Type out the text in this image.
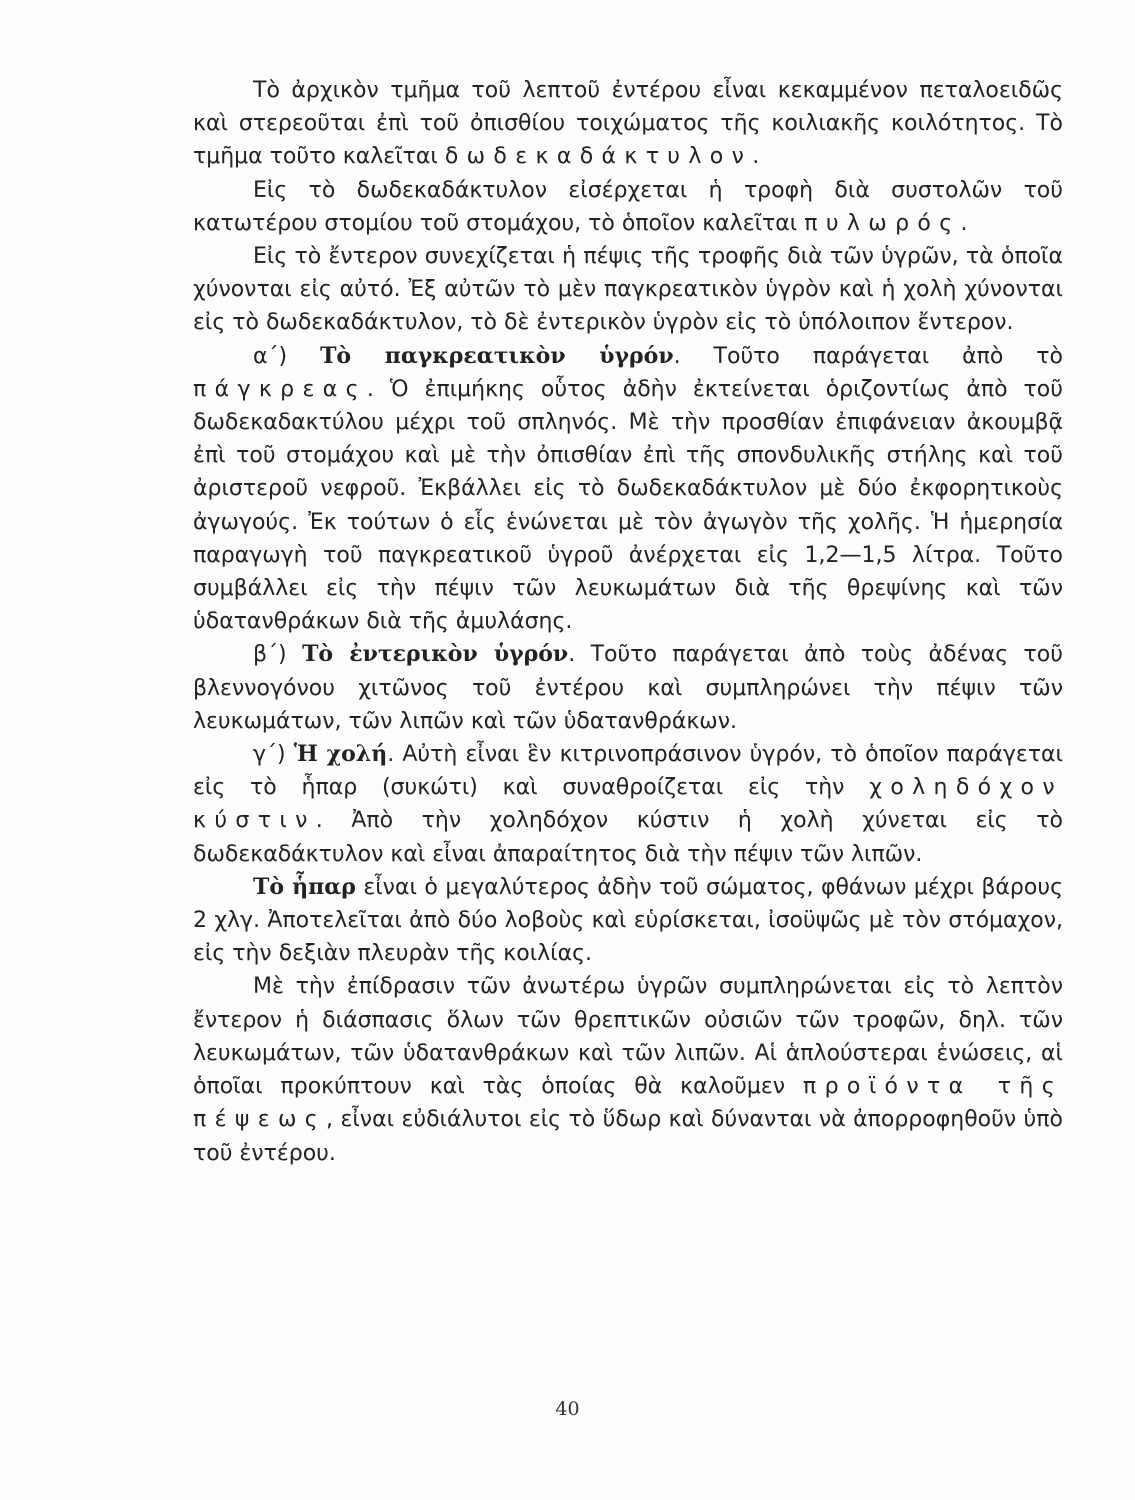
Τὸ ἀρχικὸν τμῆμα τοῦ λεπτοῦ ἐντέρου εἶναι κεκαμμένον πεταλοειδῶς καὶ στερεοῦται ἐπὶ τοῦ ὀπισθίου τοιχώματος τῆς κοιλιακῆς κοιλότητος. Τὸ τμῆμα τοῦτο καλεῖται δωδεκαδάκτυλον.

Εἰς τὸ δωδεκαδάκτυλον εἰσέρχεται ἡ τροφὴ διὰ συστολῶν τοῦ κατωτέρου στομίου τοῦ στομάχου, τὸ ὁποῖον καλεῖται πυλωρός.

Εἰς τὸ ἔντερον συνεχίζεται ἡ πέψις τῆς τροφῆς διὰ τῶν ὑγρῶν, τὰ ὁποῖα χύνονται εἰς αὐτό. Ἐξ αὐτῶν τὸ μὲν παγκρεατικὸν ὑγρὸν καὶ ἡ χολὴ χύνονται εἰς τὸ δωδεκαδάκτυλον, τὸ δὲ ἐντερικὸν ὑγρὸν εἰς τὸ ὑπόλοιπον ἔντερον.

α΄) Τὸ παγκρεατικὸν ὑγρόν. Τοῦτο παράγεται ἀπὸ τὸ πάγκρεας. Ὁ ἐπιμήκης οὗτος ἀδὴν ἐκτείνεται ὁριζοντίως ἀπὸ τοῦ δωδεκαδακτύλου μέχρι τοῦ σπληνός. Μὲ τὴν προσθίαν ἐπιφάνειαν ἀκουμβᾷ ἐπὶ τοῦ στομάχου καὶ μὲ τὴν ὀπισθίαν ἐπὶ τῆς σπονδυλικῆς στήλης καὶ τοῦ ἀριστεροῦ νεφροῦ. Ἐκβάλλει εἰς τὸ δωδεκαδάκτυλον μὲ δύο ἐκφορητικοὺς ἀγωγούς. Ἐκ τούτων ὁ εἷς ἑνώνεται μὲ τὸν ἀγωγὸν τῆς χολῆς. Ἡ ἡμερησία παραγωγὴ τοῦ παγκρεατικοῦ ὑγροῦ ἀνέρχεται εἰς 1,2—1,5 λίτρα. Τοῦτο συμβάλλει εἰς τὴν πέψιν τῶν λευκωμάτων διὰ τῆς θρεψίνης καὶ τῶν ὑδατανθράκων διὰ τῆς ἀμυλάσης.

β΄) Τὸ ἐντερικὸν ὑγρόν. Τοῦτο παράγεται ἀπὸ τοὺς ἀδένας τοῦ βλεννογόνου χιτῶνος τοῦ ἐντέρου καὶ συμπληρώνει τὴν πέψιν τῶν λευκωμάτων, τῶν λιπῶν καὶ τῶν ὑδατανθράκων.

γ΄) Ἡ χολή. Αὐτὴ εἶναι ἓν κιτρινοπράσινον ὑγρόν, τὸ ὁποῖον παράγεται εἰς τὸ ἧπαρ (συκώτι) καὶ συναθροίζεται εἰς τὴν χοληδόχον κύστιν. Ἀπὸ τὴν χοληδόχον κύστιν ἡ χολὴ χύνεται εἰς τὸ δωδεκαδάκτυλον καὶ εἶναι ἀπαραίτητος διὰ τὴν πέψιν τῶν λιπῶν.

Τὸ ἧπαρ εἶναι ὁ μεγαλύτερος ἀδὴν τοῦ σώματος, φθάνων μέχρι βάρους 2 χλγ. Ἀποτελεῖται ἀπὸ δύο λοβοὺς καὶ εὑρίσκεται, ἰσοϋψῶς μὲ τὸν στόμαχον, εἰς τὴν δεξιὰν πλευρὰν τῆς κοιλίας.

Μὲ τὴν ἐπίδρασιν τῶν ἀνωτέρω ὑγρῶν συμπληρώνεται εἰς τὸ λεπτὸν ἔντερον ἡ διάσπασις ὅλων τῶν θρεπτικῶν οὐσιῶν τῶν τροφῶν, δηλ. τῶν λευκωμάτων, τῶν ὑδατανθράκων καὶ τῶν λιπῶν. Αἱ ἁπλούστεραι ἑνώσεις, αἱ ὁποῖαι προκύπτουν καὶ τὰς ὁποίας θὰ καλοῦμεν προϊόντα τῆς πέψεως, εἶναι εὐδιάλυτοι εἰς τὸ ὕδωρ καὶ δύνανται νὰ ἀπορροφηθοῦν ὑπὸ τοῦ ἐντέρου.

40
